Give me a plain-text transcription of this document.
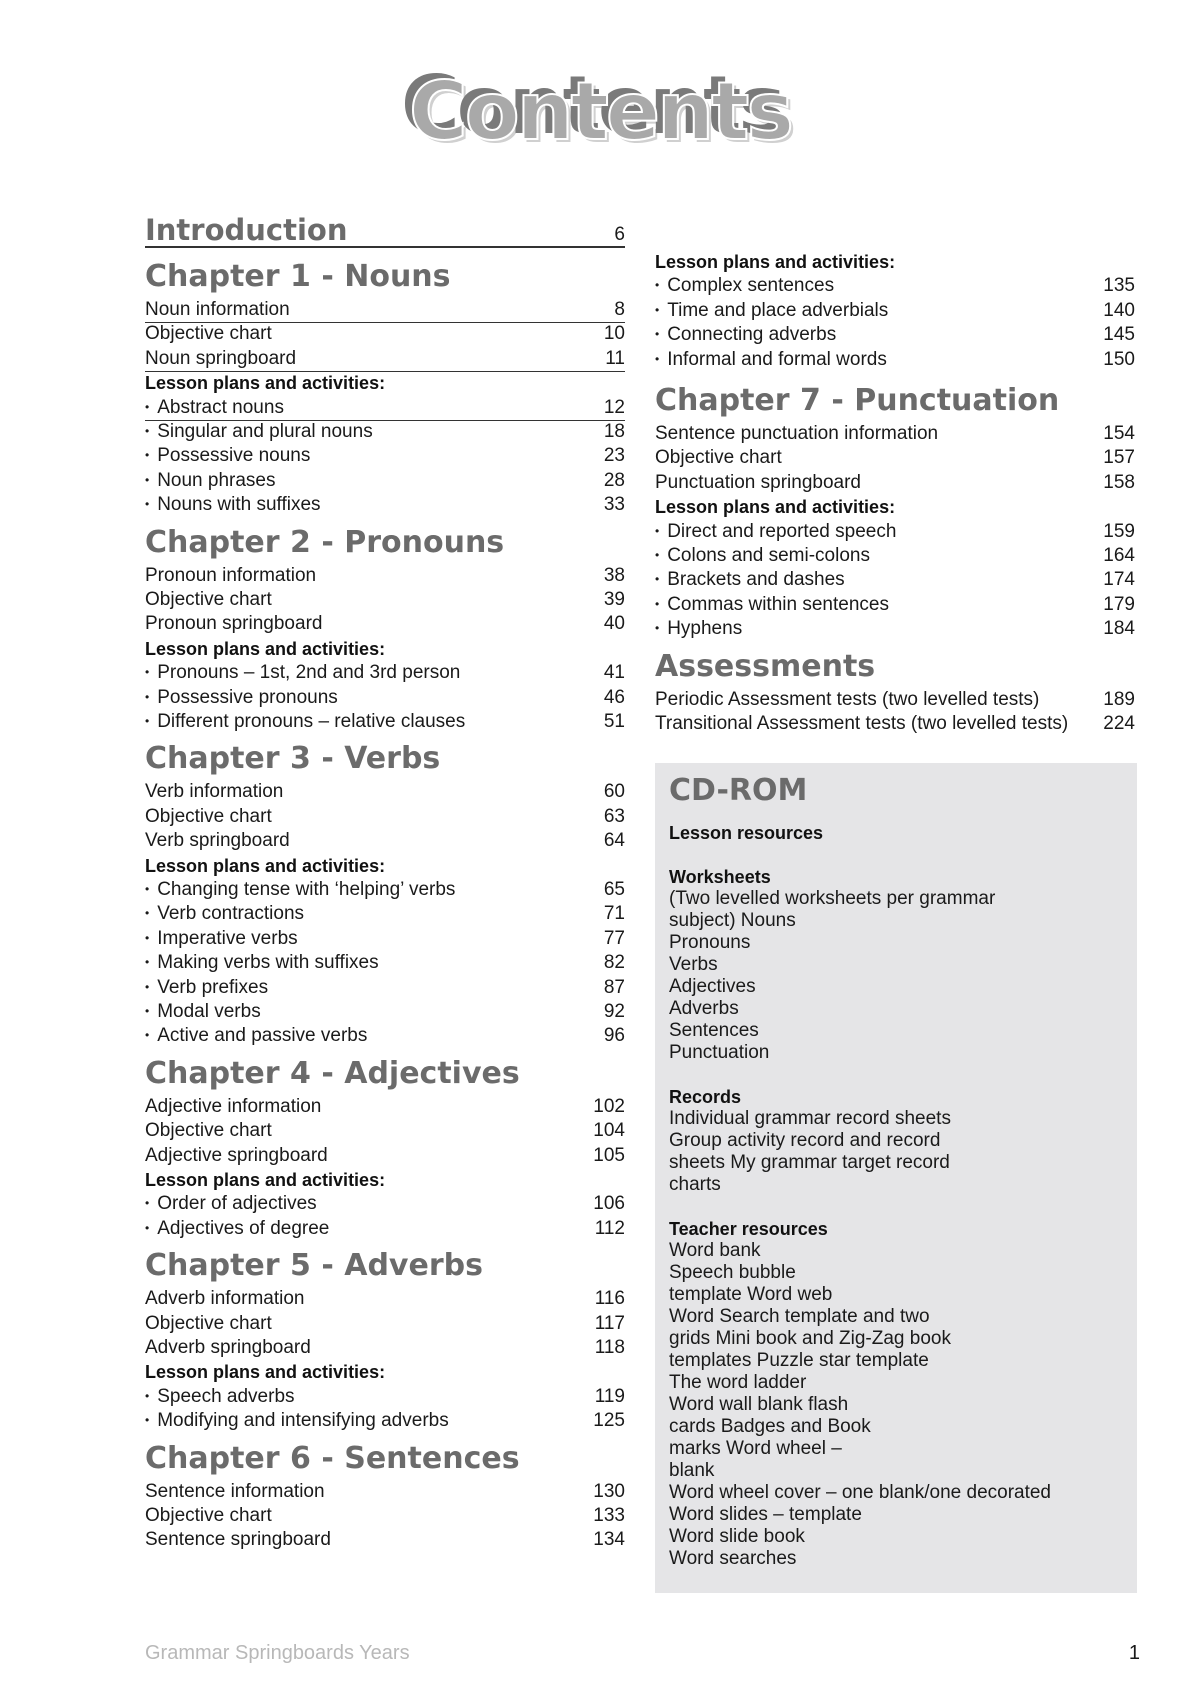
Contents
Introduction	6
Chapter 1 - Nouns
Noun information	8
Objective chart	10
Noun springboard	11
Lesson plans and activities:
• Abstract nouns	12
• Singular and plural nouns	18
• Possessive nouns	23
• Noun phrases	28
• Nouns with suffixes	33
Chapter 2 - Pronouns
Pronoun information	38
Objective chart	39
Pronoun springboard	40
Lesson plans and activities:
• Pronouns – 1st, 2nd and 3rd person	41
• Possessive pronouns	46
• Different pronouns – relative clauses	51
Chapter 3 - Verbs
Verb information	60
Objective chart	63
Verb springboard	64
Lesson plans and activities:
• Changing tense with ‘helping’ verbs	65
• Verb contractions	71
• Imperative verbs	77
• Making verbs with suffixes	82
• Verb prefixes	87
• Modal verbs	92
• Active and passive verbs	96
Chapter 4 - Adjectives
Adjective information	102
Objective chart	104
Adjective springboard	105
Lesson plans and activities:
• Order of adjectives	106
• Adjectives of degree	112
Chapter 5 - Adverbs
Adverb information	116
Objective chart	117
Adverb springboard	118
Lesson plans and activities:
• Speech adverbs	119
• Modifying and intensifying adverbs	125
Chapter 6 - Sentences
Sentence information	130
Objective chart	133
Sentence springboard	134
Lesson plans and activities:
• Complex sentences	135
• Time and place adverbials	140
• Connecting adverbs	145
• Informal and formal words	150
Chapter 7 - Punctuation
Sentence punctuation information	154
Objective chart	157
Punctuation springboard	158
Lesson plans and activities:
• Direct and reported speech	159
• Colons and semi-colons	164
• Brackets and dashes	174
• Commas within sentences	179
• Hyphens	184
Assessments
Periodic Assessment tests (two levelled tests)	189
Transitional Assessment tests (two levelled tests) 224
CD-ROM
Lesson resources
Worksheets
(Two levelled worksheets per grammar
subject) Nouns
Pronouns
Verbs
Adjectives
Adverbs
Sentences
Punctuation
Records
Individual grammar record sheets
Group activity record and record
sheets My grammar target record
charts
Teacher resources
Word bank
Speech bubble
template Word web
Word Search template and two
grids Mini book and Zig-Zag book
templates Puzzle star template
The word ladder
Word wall blank flash
cards Badges and Book
marks Word wheel –
blank
Word wheel cover – one blank/one decorated
Word slides – template
Word slide book
Word searches
Grammar Springboards Years	1
